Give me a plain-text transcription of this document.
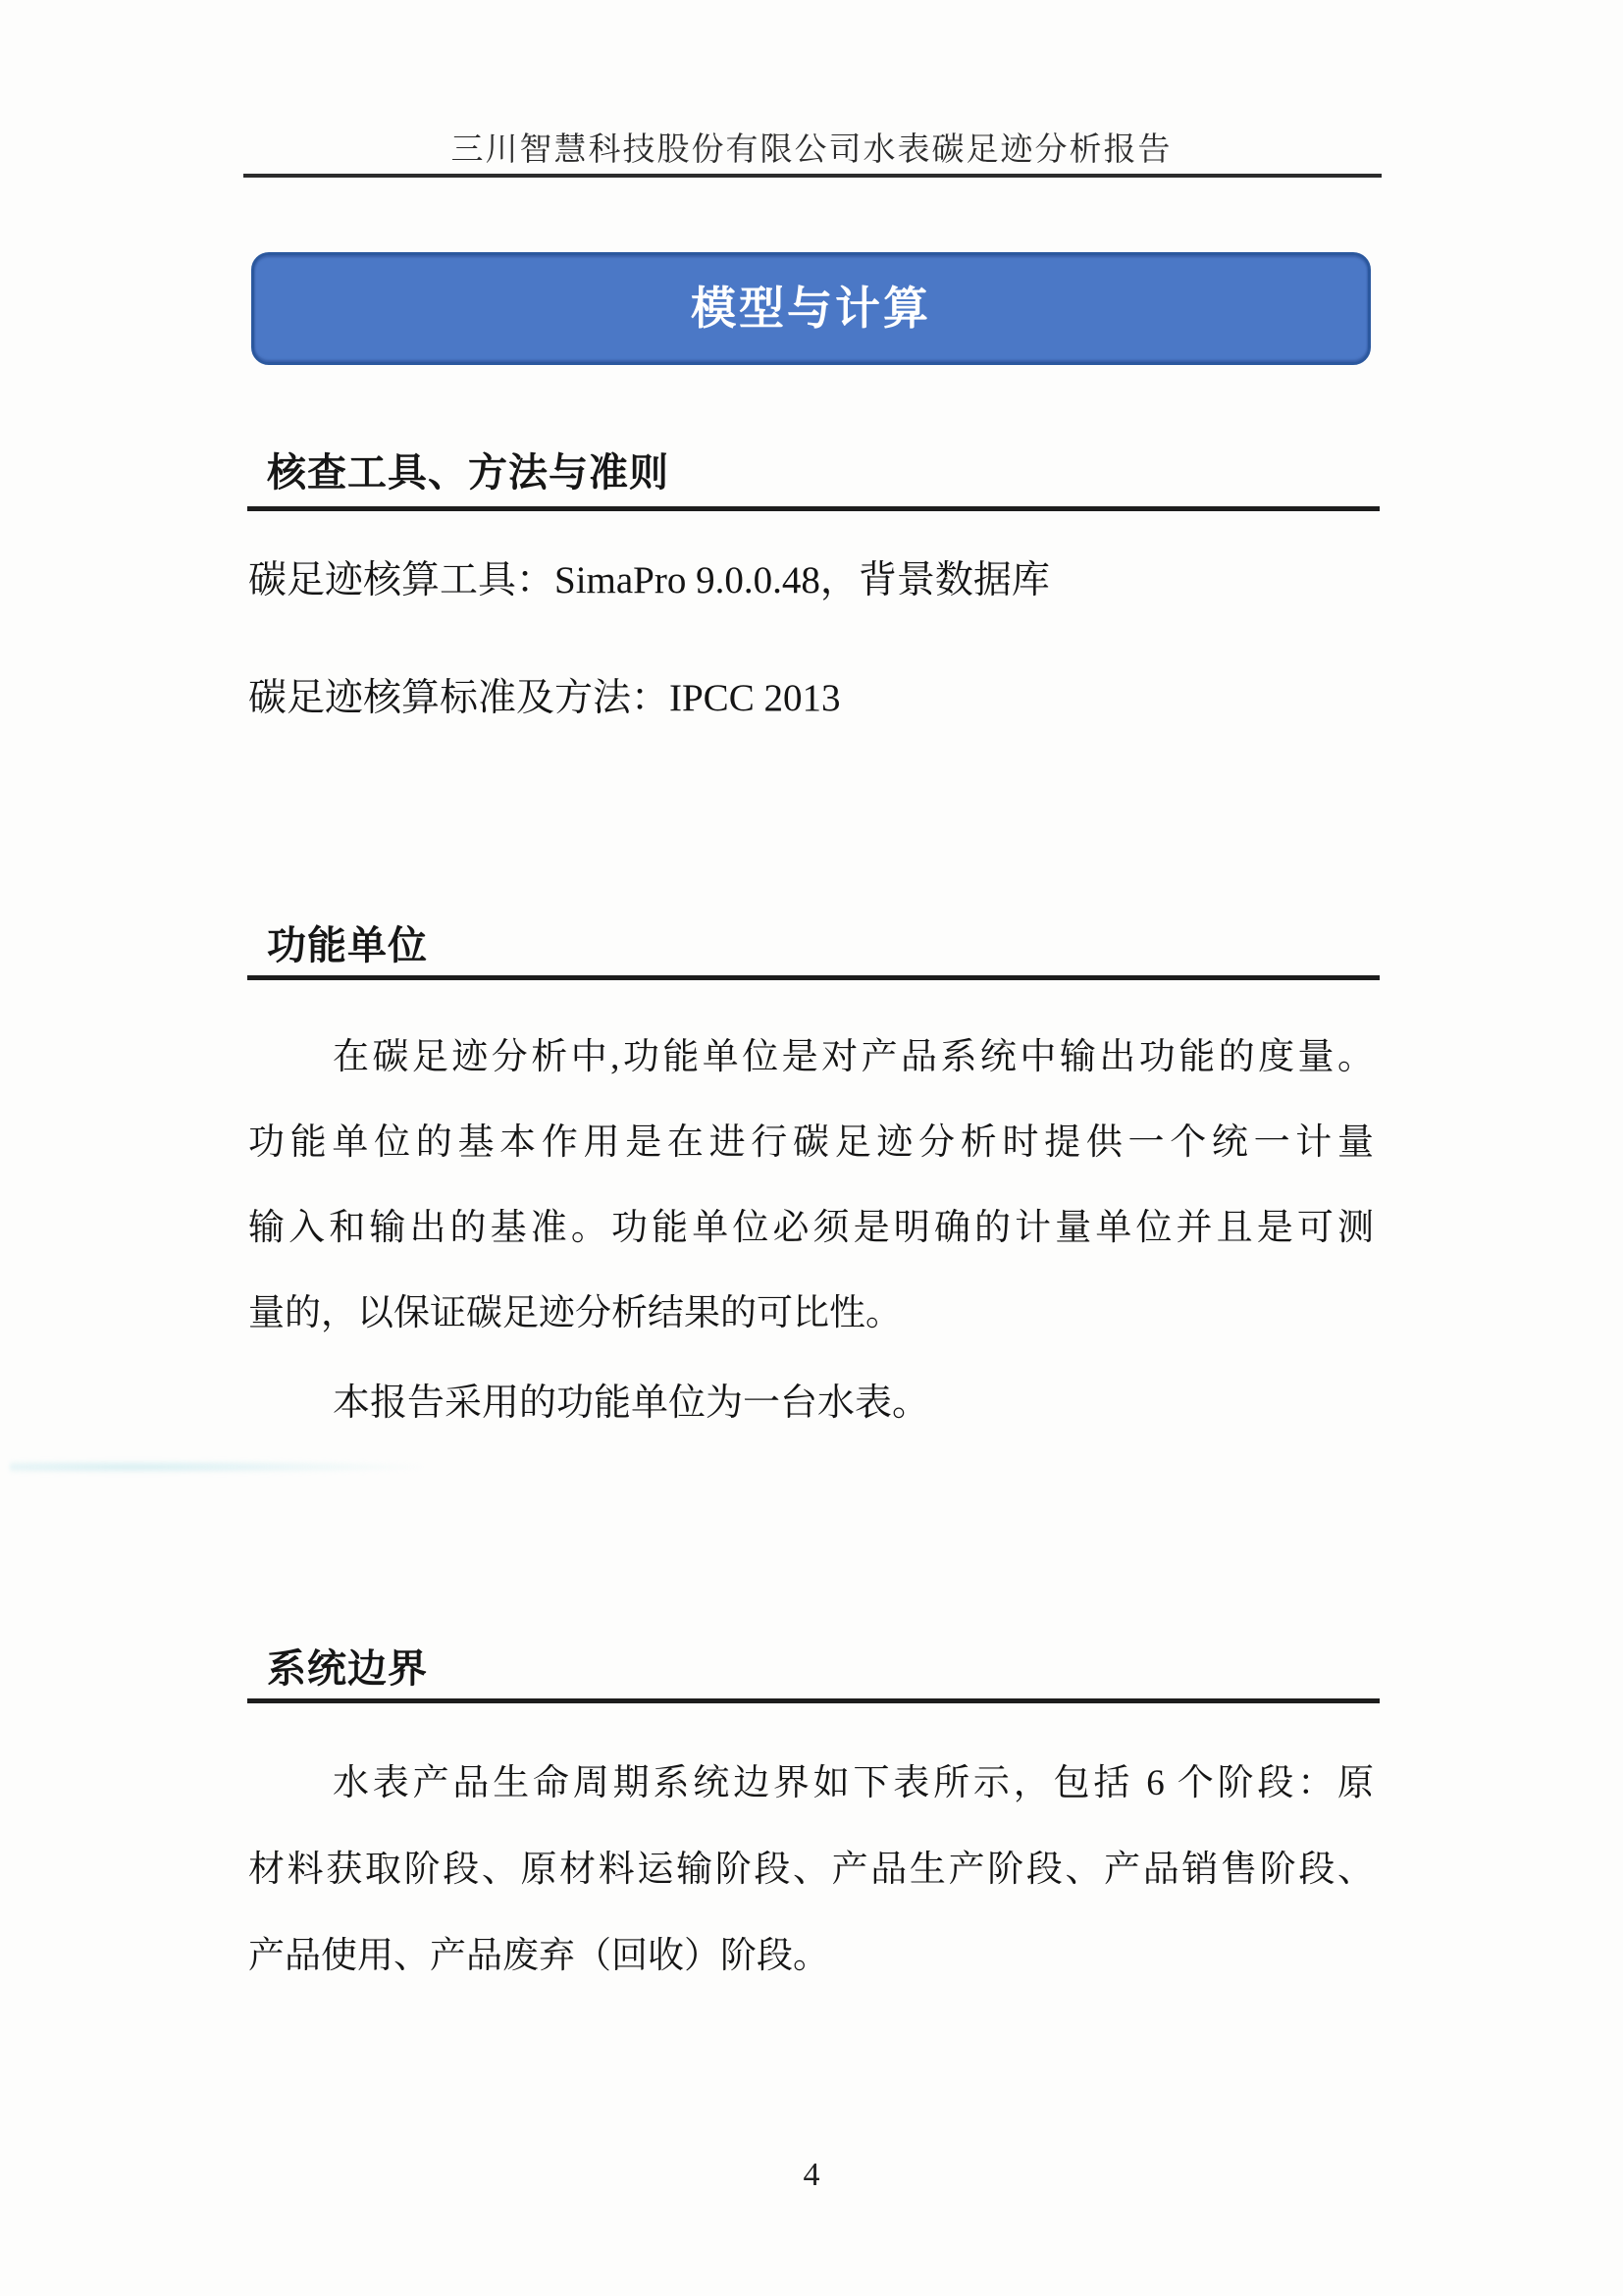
三川智慧科技股份有限公司水表碳足迹分析报告
模型与计算
核查工具、方法与准则
碳足迹核算工具：SimaPro 9.0.0.48，背景数据库
碳足迹核算标准及方法：IPCC 2013
功能单位
在碳足迹分析中,功能单位是对产品系统中输出功能的度量。
功能单位的基本作用是在进行碳足迹分析时提供一个统一计量
输入和输出的基准。功能单位必须是明确的计量单位并且是可测
量的，以保证碳足迹分析结果的可比性。
本报告采用的功能单位为一台水表。
系统边界
水表产品生命周期系统边界如下表所示，包括 6 个阶段：原
材料获取阶段、原材料运输阶段、产品生产阶段、产品销售阶段、
产品使用、产品废弃（回收）阶段。
4
